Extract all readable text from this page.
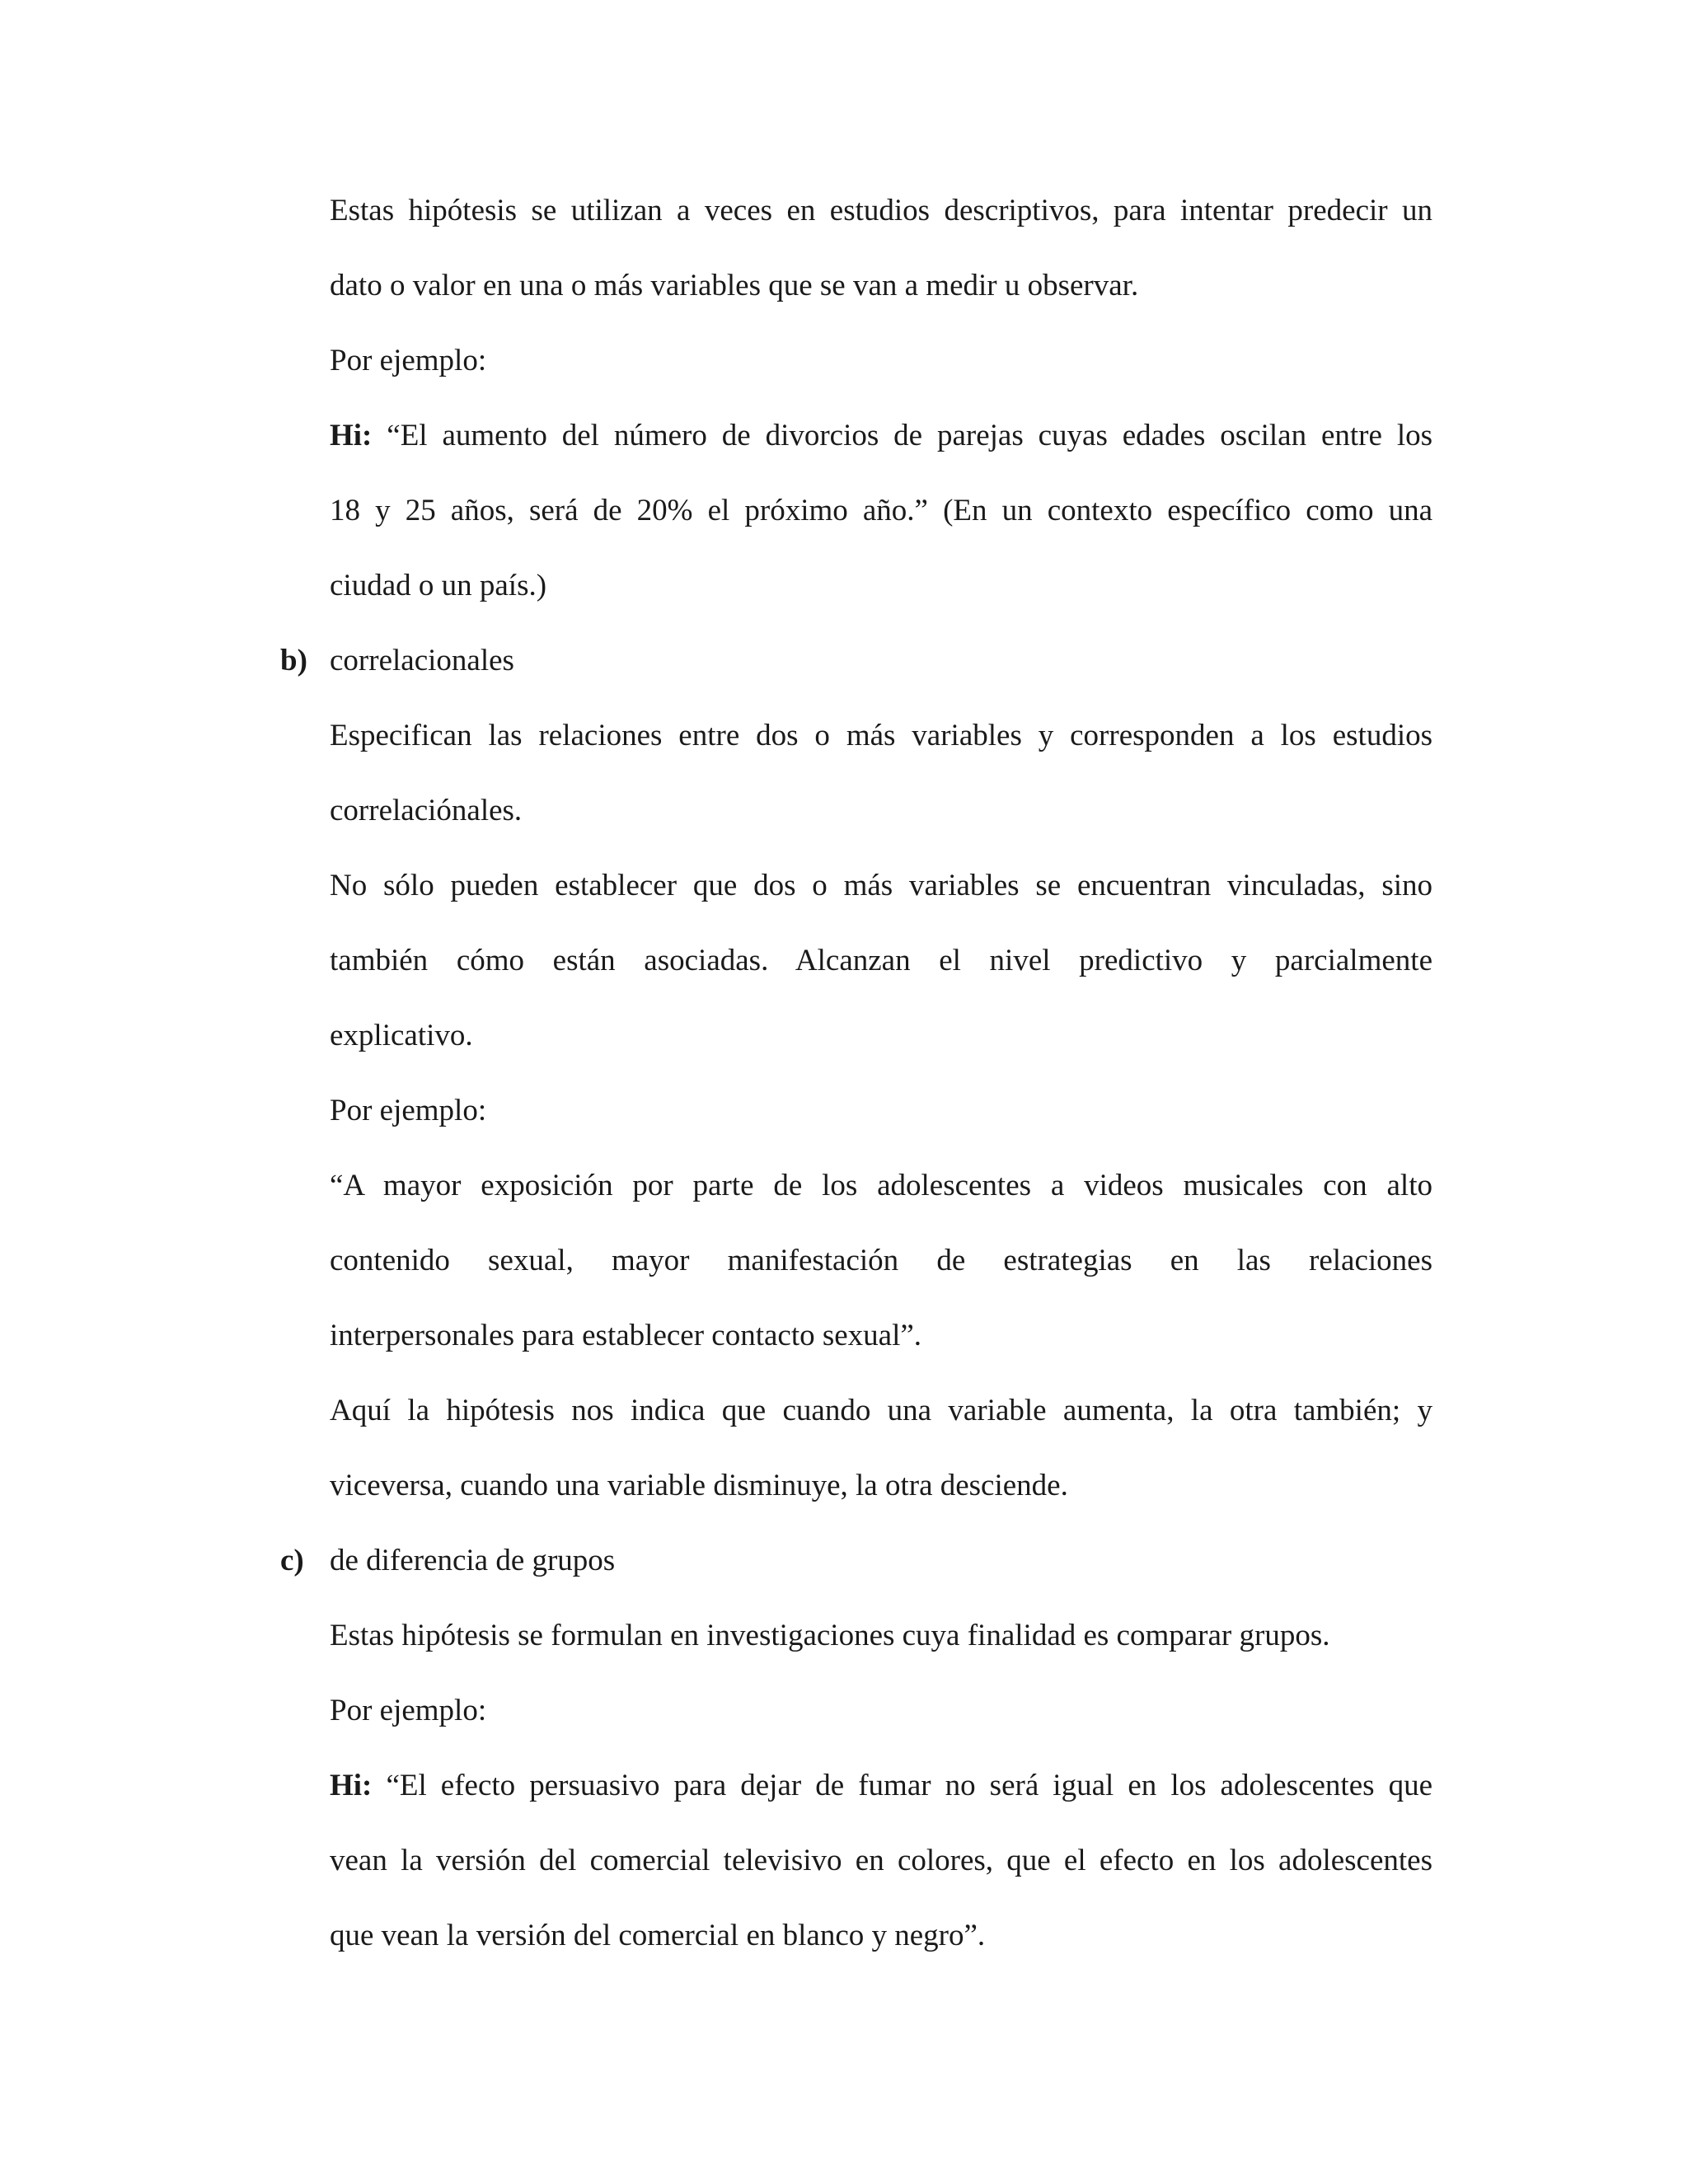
Estas hipótesis se utilizan a veces en estudios descriptivos, para intentar predecir un
dato o valor en una o más variables que se van a medir u observar.
Por ejemplo:
Hi: “El aumento del número de divorcios de parejas cuyas edades oscilan entre los
18 y 25 años, será de 20% el próximo año.” (En un contexto específico como una
ciudad o un país.)
b) correlacionales
Especifican las relaciones entre dos o más variables y corresponden a los estudios
correlaciónales.
No sólo pueden establecer que dos o más variables se encuentran vinculadas, sino
también cómo están asociadas. Alcanzan el nivel predictivo y parcialmente
explicativo.
Por ejemplo:
“A mayor exposición por parte de los adolescentes a videos musicales con alto
contenido sexual, mayor manifestación de estrategias en las relaciones
interpersonales para establecer contacto sexual”.
Aquí la hipótesis nos indica que cuando una variable aumenta, la otra también; y
viceversa, cuando una variable disminuye, la otra desciende.
c) de diferencia de grupos
Estas hipótesis se formulan en investigaciones cuya finalidad es comparar grupos.
Por ejemplo:
Hi: “El efecto persuasivo para dejar de fumar no será igual en los adolescentes que
vean la versión del comercial televisivo en colores, que el efecto en los adolescentes
que vean la versión del comercial en blanco y negro”.
